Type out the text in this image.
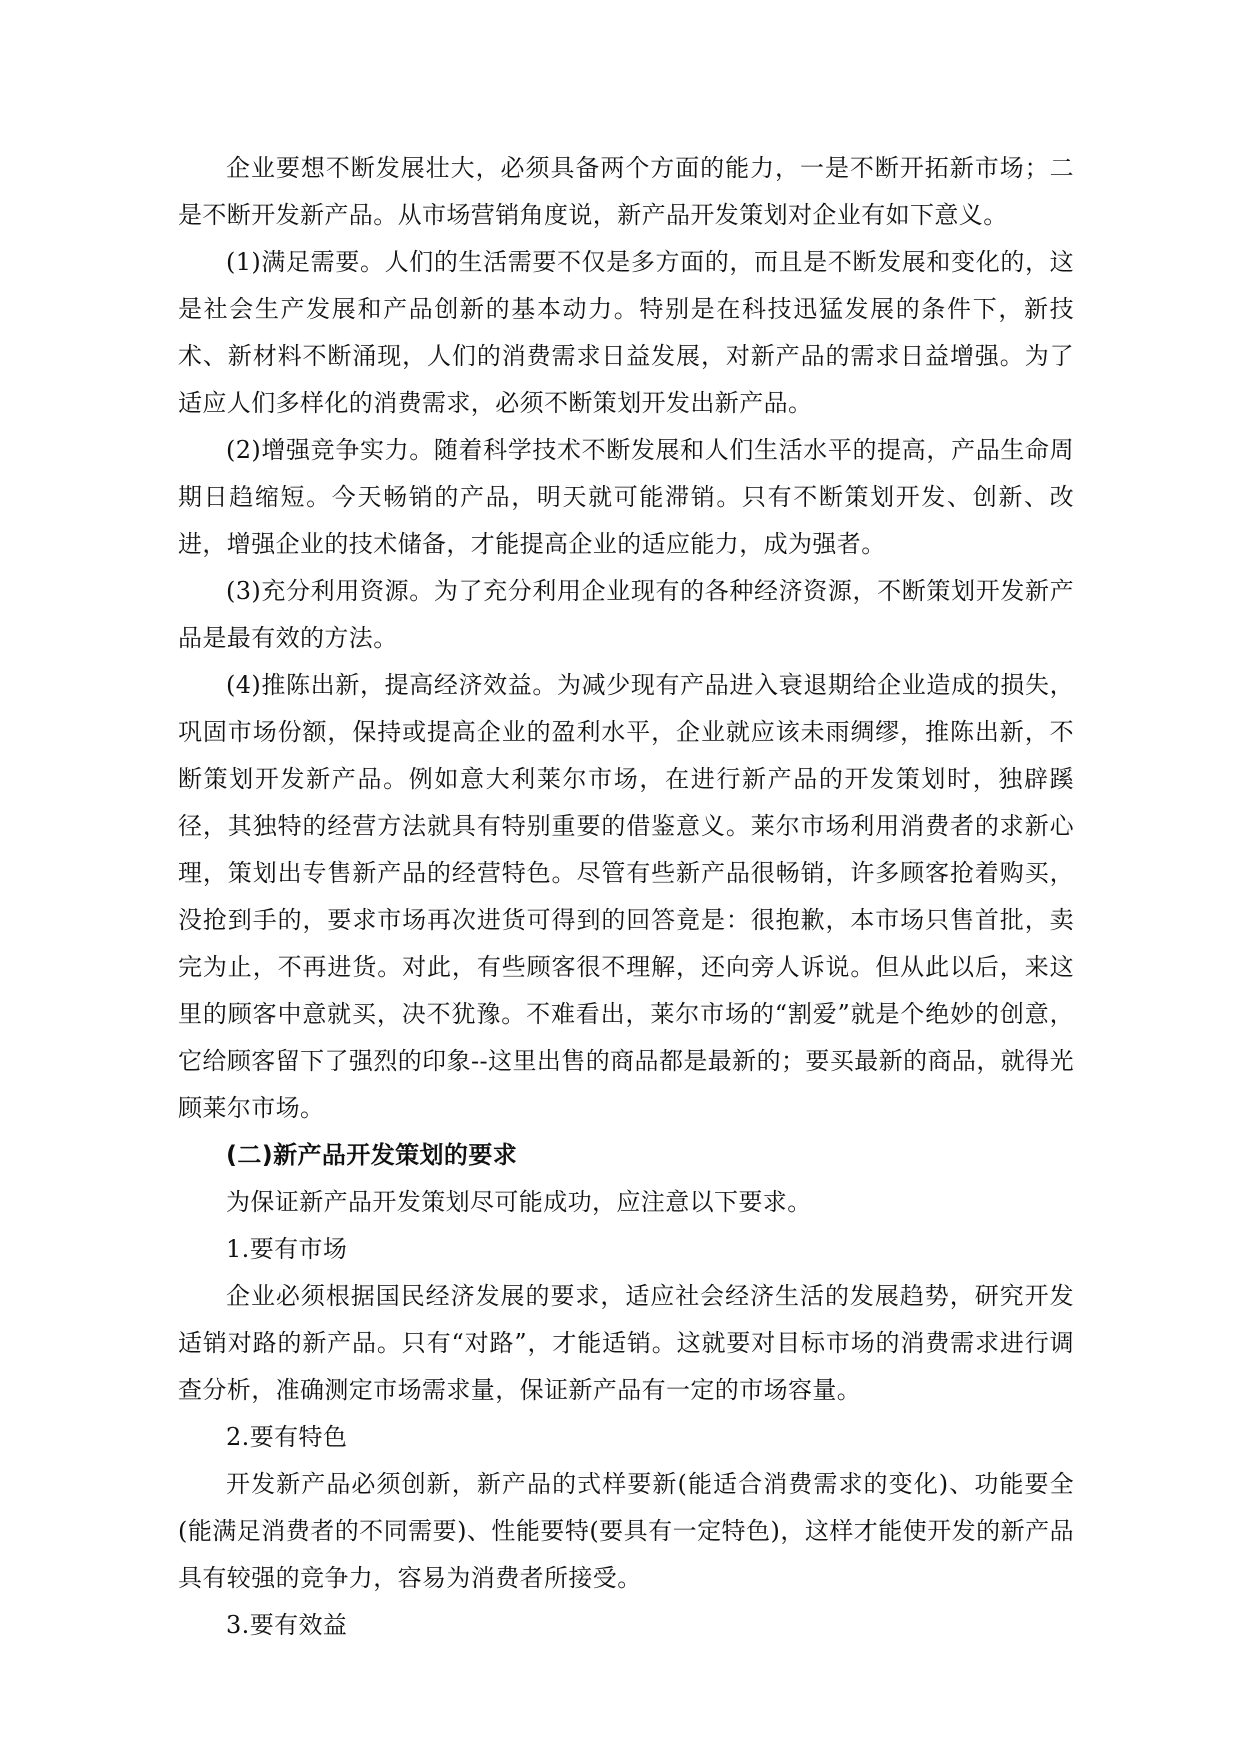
企业要想不断发展壮大，必须具备两个方面的能力，一是不断开拓新市场；二是不断开发新产品。从市场营销角度说，新产品开发策划对企业有如下意义。

(1)满足需要。人们的生活需要不仅是多方面的，而且是不断发展和变化的，这是社会生产发展和产品创新的基本动力。特别是在科技迅猛发展的条件下，新技术、新材料不断涌现，人们的消费需求日益发展，对新产品的需求日益增强。为了适应人们多样化的消费需求，必须不断策划开发出新产品。

(2)增强竞争实力。随着科学技术不断发展和人们生活水平的提高，产品生命周期日趋缩短。今天畅销的产品，明天就可能滞销。只有不断策划开发、创新、改进，增强企业的技术储备，才能提高企业的适应能力，成为强者。

(3)充分利用资源。为了充分利用企业现有的各种经济资源，不断策划开发新产品是最有效的方法。

(4)推陈出新，提高经济效益。为减少现有产品进入衰退期给企业造成的损失，巩固市场份额，保持或提高企业的盈利水平，企业就应该未雨绸缪，推陈出新，不断策划开发新产品。例如意大利莱尔市场，在进行新产品的开发策划时，独辟蹊径，其独特的经营方法就具有特别重要的借鉴意义。莱尔市场利用消费者的求新心理，策划出专售新产品的经营特色。尽管有些新产品很畅销，许多顾客抢着购买，没抢到手的，要求市场再次进货可得到的回答竟是：很抱歉，本市场只售首批，卖完为止，不再进货。对此，有些顾客很不理解，还向旁人诉说。但从此以后，来这里的顾客中意就买，决不犹豫。不难看出，莱尔市场的“割爱”就是个绝妙的创意，它给顾客留下了强烈的印象--这里出售的商品都是最新的；要买最新的商品，就得光顾莱尔市场。

(二)新产品开发策划的要求

为保证新产品开发策划尽可能成功，应注意以下要求。

1.要有市场

企业必须根据国民经济发展的要求，适应社会经济生活的发展趋势，研究开发适销对路的新产品。只有“对路”，才能适销。这就要对目标市场的消费需求进行调查分析，准确测定市场需求量，保证新产品有一定的市场容量。

2.要有特色

开发新产品必须创新，新产品的式样要新(能适合消费需求的变化)、功能要全(能满足消费者的不同需要)、性能要特(要具有一定特色)，这样才能使开发的新产品具有较强的竞争力，容易为消费者所接受。

3.要有效益
